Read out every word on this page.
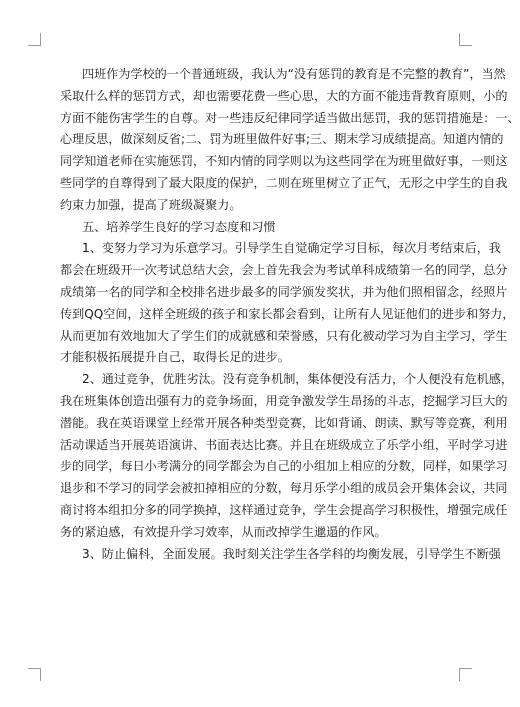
四班作为学校的一个普通班级，我认为“没有惩罚的教育是不完整的教育”，当然
采取什么样的惩罚方式，却也需要花费一些心思，大的方面不能违背教育原则，小的
方面不能伤害学生的自尊。对一些违反纪律同学适当做出惩罚，我的惩罚措施是：一、
心理反思，做深刻反省;二、罚为班里做件好事;三、期末学习成绩提高。知道内情的
同学知道老师在实施惩罚，不知内情的同学则以为这些同学在为班里做好事，一则这
些同学的自尊得到了最大限度的保护，二则在班里树立了正气，无形之中学生的自我
约束力加强，提高了班级凝聚力。
五、培养学生良好的学习态度和习惯
1、变努力学习为乐意学习。引导学生自觉确定学习目标，每次月考结束后，我
都会在班级开一次考试总结大会，会上首先我会为考试单科成绩第一名的同学，总分
成绩第一名的同学和全校排名进步最多的同学颁发奖状，并为他们照相留念，经照片
传到QQ空间，这样全班级的孩子和家长都会看到，让所有人见证他们的进步和努力，
从而更加有效地加大了学生们的成就感和荣誉感，只有化被动学习为自主学习，学生
才能积极拓展提升自己，取得长足的进步。
2、通过竞争，优胜劣汰。没有竞争机制，集体便没有活力，个人便没有危机感，
我在班集体创造出强有力的竞争场面，用竞争激发学生昂扬的斗志，挖掘学习巨大的
潜能。我在英语课堂上经常开展各种类型竞赛，比如背诵、朗读、默写等竞赛，利用
活动课适当开展英语演讲、书面表达比赛。并且在班级成立了乐学小组，平时学习进
步的同学，每日小考满分的同学都会为自己的小组加上相应的分数，同样，如果学习
退步和不学习的同学会被扣掉相应的分数，每月乐学小组的成员会开集体会议，共同
商讨将本组扣分多的同学换掉，这样通过竞争，学生会提高学习积极性，增强完成任
务的紧迫感，有效提升学习效率，从而改掉学生邋遢的作风。
3、防止偏科，全面发展。我时刻关注学生各学科的均衡发展，引导学生不断强
